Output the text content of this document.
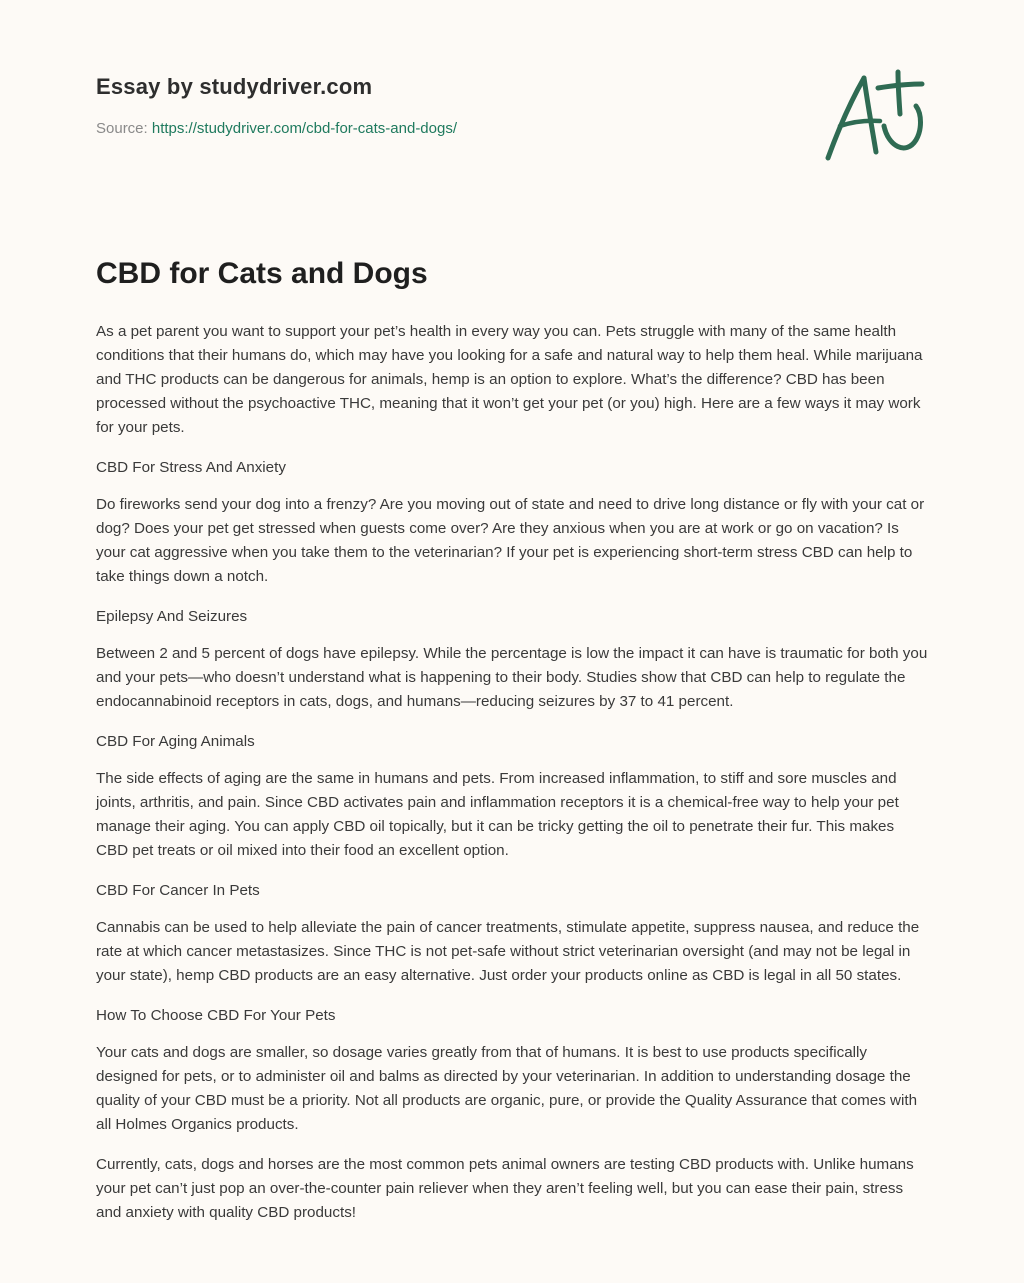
Essay by studydriver.com
Source: https://studydriver.com/cbd-for-cats-and-dogs/
CBD for Cats and Dogs

As a pet parent you want to support your pet’s health in every way you can. Pets struggle with many of the same health conditions that their humans do, which may have you looking for a safe and natural way to help them heal. While marijuana and THC products can be dangerous for animals, hemp is an option to explore. What’s the difference? CBD has been processed without the psychoactive THC, meaning that it won’t get your pet (or you) high. Here are a few ways it may work for your pets.

CBD For Stress And Anxiety

Do fireworks send your dog into a frenzy? Are you moving out of state and need to drive long distance or fly with your cat or dog? Does your pet get stressed when guests come over? Are they anxious when you are at work or go on vacation? Is your cat aggressive when you take them to the veterinarian? If your pet is experiencing short-term stress CBD can help to take things down a notch.

Epilepsy And Seizures

Between 2 and 5 percent of dogs have epilepsy. While the percentage is low the impact it can have is traumatic for both you and your pets—who doesn’t understand what is happening to their body. Studies show that CBD can help to regulate the endocannabinoid receptors in cats, dogs, and humans—reducing seizures by 37 to 41 percent.

CBD For Aging Animals

The side effects of aging are the same in humans and pets. From increased inflammation, to stiff and sore muscles and joints, arthritis, and pain. Since CBD activates pain and inflammation receptors it is a chemical-free way to help your pet manage their aging. You can apply CBD oil topically, but it can be tricky getting the oil to penetrate their fur. This makes CBD pet treats or oil mixed into their food an excellent option.

CBD For Cancer In Pets

Cannabis can be used to help alleviate the pain of cancer treatments, stimulate appetite, suppress nausea, and reduce the rate at which cancer metastasizes. Since THC is not pet-safe without strict veterinarian oversight (and may not be legal in your state), hemp CBD products are an easy alternative. Just order your products online as CBD is legal in all 50 states.

How To Choose CBD For Your Pets

Your cats and dogs are smaller, so dosage varies greatly from that of humans. It is best to use products specifically designed for pets, or to administer oil and balms as directed by your veterinarian. In addition to understanding dosage the quality of your CBD must be a priority. Not all products are organic, pure, or provide the Quality Assurance that comes with all Holmes Organics products.

Currently, cats, dogs and horses are the most common pets animal owners are testing CBD products with. Unlike humans your pet can’t just pop an over-the-counter pain reliever when they aren’t feeling well, but you can ease their pain, stress and anxiety with quality CBD products!
